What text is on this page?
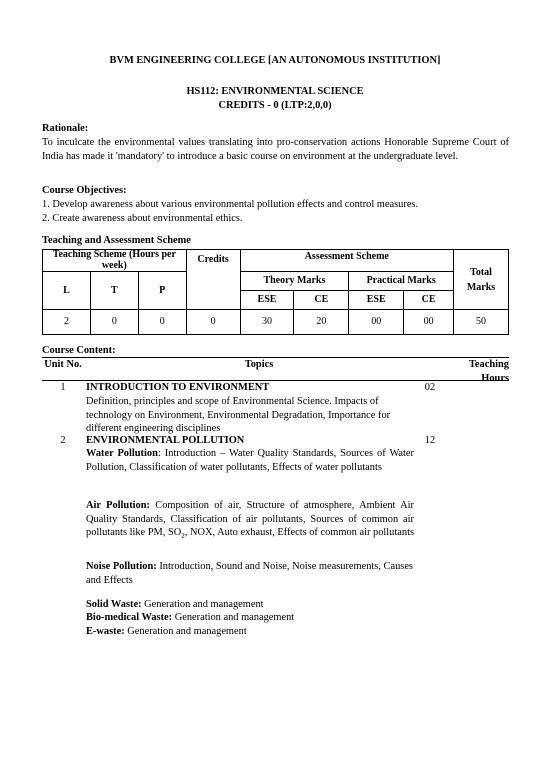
BVM ENGINEERING COLLEGE [AN AUTONOMOUS INSTITUTION]
HS112: ENVIRONMENTAL SCIENCE
CREDITS - 0 (LTP:2,0,0)
Rationale:
To inculcate the environmental values translating into pro-conservation actions Honorable Supreme Court of India has made it 'mandatory' to introduce a basic course on environment at the undergraduate level.
Course Objectives:
1. Develop awareness about various environmental pollution effects and control measures.
2. Create awareness about environmental ethics.
Teaching and Assessment Scheme
Teaching Scheme (Hours per week)			Credits	Assessment Scheme				Total
Marks
L	T	P		Theory Marks		Practical Marks		
				ESE	CE	ESE	CE	
2	0	0	0	30	20	00	00	50
Course Content:
Unit No.	Topics	Teaching Hours
1	INTRODUCTION TO ENVIRONMENT	02
Definition, principles and scope of Environmental Science. Impacts of technology on Environment, Environmental Degradation, Importance for different engineering disciplines
2	ENVIRONMENTAL POLLUTION	12
Water Pollution: Introduction – Water Quality Standards, Sources of Water Pollution, Classification of water pollutants, Effects of water pollutants
Air Pollution: Composition of air, Structure of atmosphere, Ambient Air Quality Standards, Classification of air pollutants, Sources of common air pollutants like PM, $SO_2$, NOX, Auto exhaust, Effects of common air pollutants
Noise Pollution: Introduction, Sound and Noise, Noise measurements, Causes and Effects
Solid Waste: Generation and management
Bio-medical Waste: Generation and management
E-waste: Generation and management
